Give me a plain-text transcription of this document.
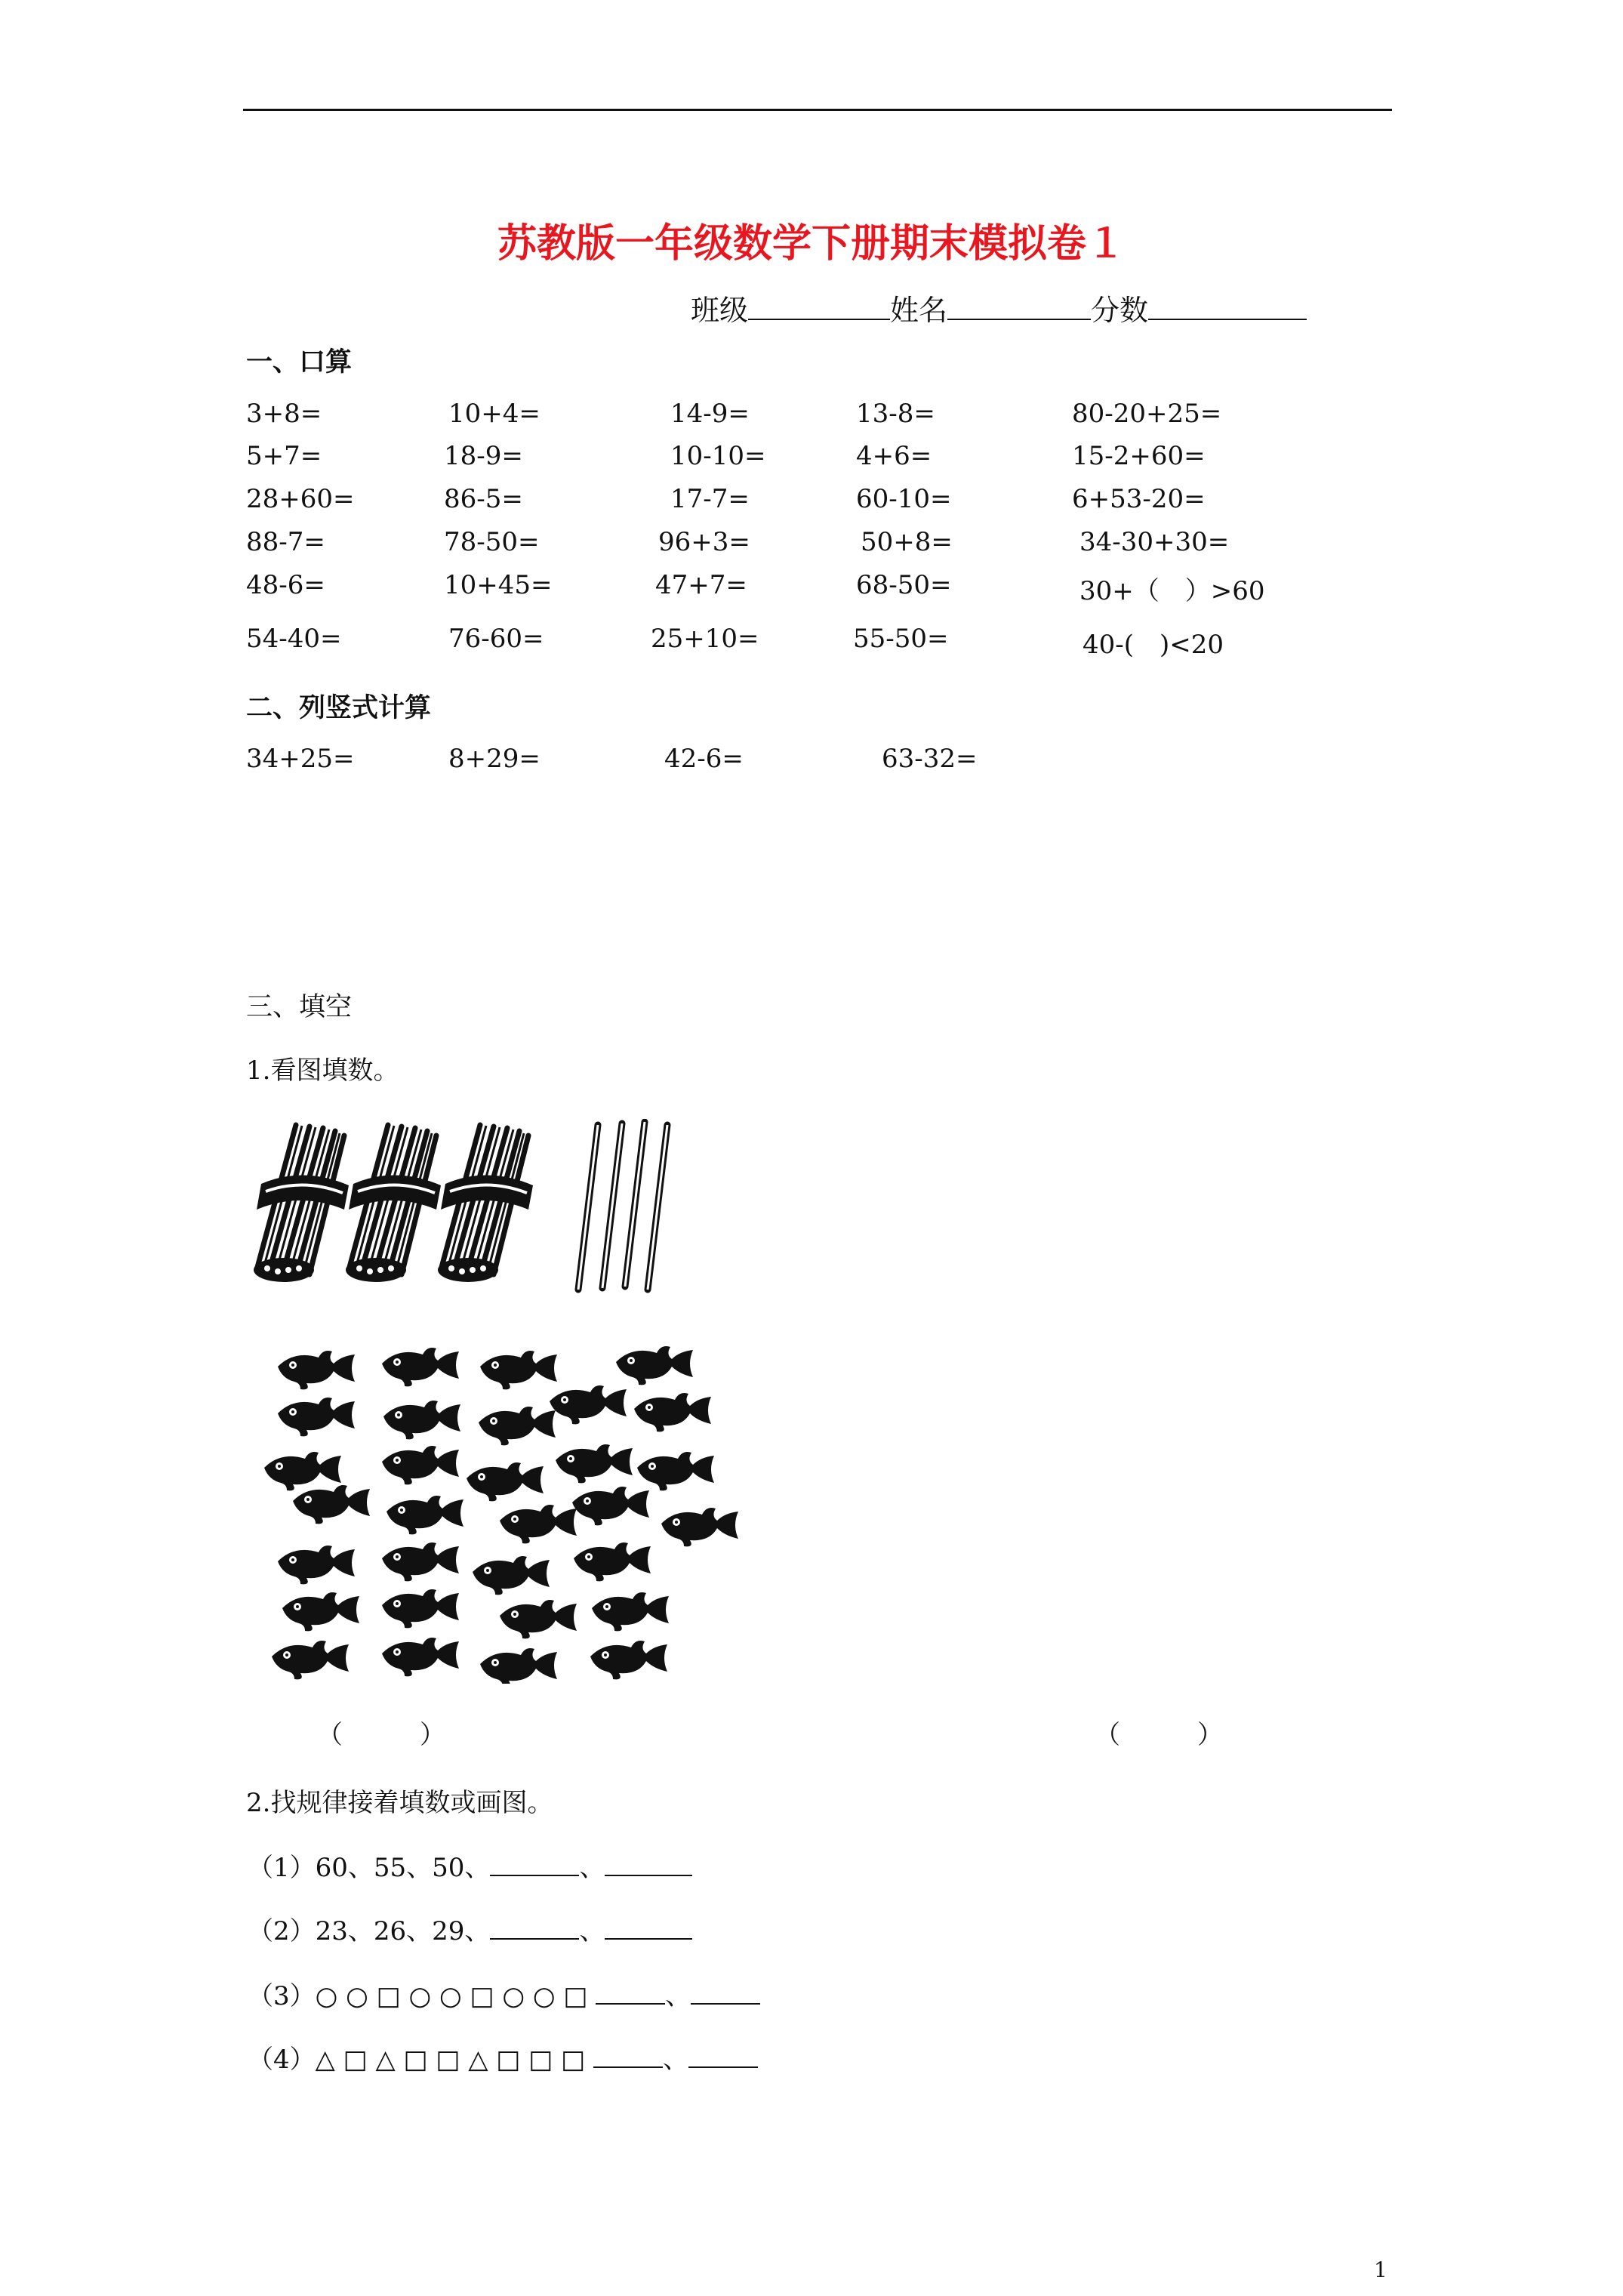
苏教版一年级数学下册期末模拟卷１
班级	姓名	分数
一、口算
3+8=	10+4=	14-9=	13-8=	80-20+25=
5+7=	18-9=	10-10=	4+6=	15-2+60=
28+60=	86-5=	17-7=	60-10=	6+53-20=
88-7=	78-50=	96+3=	50+8=	34-30+30=
48-6=	10+45=	47+7=	68-50=	30+（　）>60
54-40=	76-60=	25+10=	55-50=	40-(　)<20
二、列竖式计算
34+25=	8+29=	42-6=	63-32=
三、填空
1.看图填数。
（　　　）	（　　　）
2.找规律接着填数或画图。
（1）60、55、50、	、
（2）23、26、29、	、
（3）○ ○ □ ○ ○ □ ○ ○ □	、
（4）△ □ △ □ □ △ □ □ □	、
1
